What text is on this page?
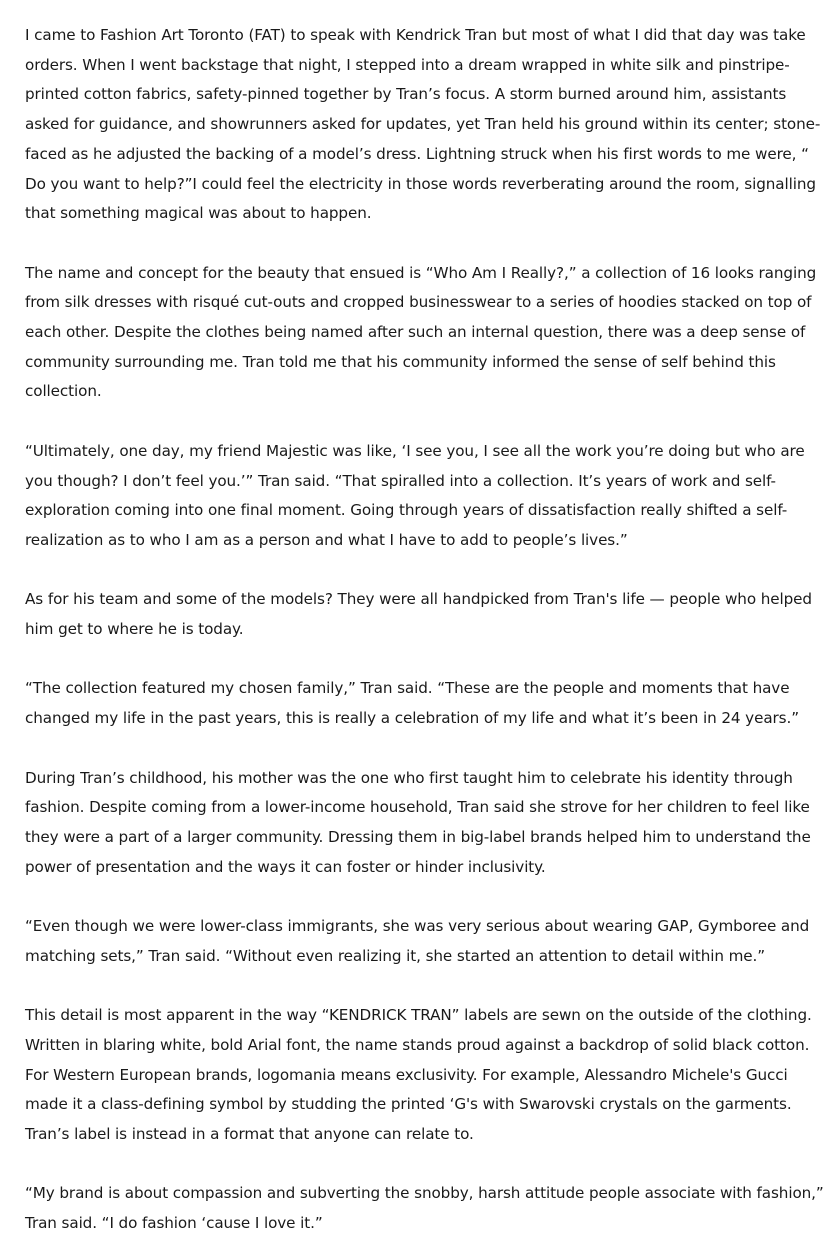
I came to Fashion Art Toronto (FAT) to speak with Kendrick Tran but most of what I did that day was take orders. When I went backstage that night, I stepped into a dream wrapped in white silk and pinstripe-printed cotton fabrics, safety-pinned together by Tran’s focus. A storm burned around him, assistants asked for guidance, and showrunners asked for updates, yet Tran held his ground within its center; stone-faced as he adjusted the backing of a model’s dress. Lightning struck when his first words to me were, “ Do you want to help?”I could feel the electricity in those words reverberating around the room, signalling that something magical was about to happen.

The name and concept for the beauty that ensued is “Who Am I Really?,” a collection of 16 looks ranging from silk dresses with risqué cut-outs and cropped businesswear to a series of hoodies stacked on top of each other. Despite the clothes being named after such an internal question, there was a deep sense of community surrounding me. Tran told me that his community informed the sense of self behind this collection.

“Ultimately, one day, my friend Majestic was like, ‘I see you, I see all the work you’re doing but who are you though? I don’t feel you.’” Tran said. “That spiralled into a collection. It’s years of work and self-exploration coming into one final moment. Going through years of dissatisfaction really shifted a self-realization as to who I am as a person and what I have to add to people’s lives.”

As for his team and some of the models? They were all handpicked from Tran's life — people who helped him get to where he is today.

“The collection featured my chosen family,” Tran said. “These are the people and moments that have changed my life in the past years, this is really a celebration of my life and what it’s been in 24 years.”

During Tran’s childhood, his mother was the one who first taught him to celebrate his identity through fashion. Despite coming from a lower-income household, Tran said she strove for her children to feel like they were a part of a larger community. Dressing them in big-label brands helped him to understand the power of presentation and the ways it can foster or hinder inclusivity.

“Even though we were lower-class immigrants, she was very serious about wearing GAP, Gymboree and matching sets,” Tran said. “Without even realizing it, she started an attention to detail within me.”

This detail is most apparent in the way “KENDRICK TRAN” labels are sewn on the outside of the clothing. Written in blaring white, bold Arial font, the name stands proud against a backdrop of solid black cotton. For Western European brands, logomania means exclusivity. For example, Alessandro Michele's Gucci made it a class-defining symbol by studding the printed ‘G's with Swarovski crystals on the garments. Tran’s label is instead in a format that anyone can relate to.

“My brand is about compassion and subverting the snobby, harsh attitude people associate with fashion,” Tran said. “I do fashion ‘cause I love it.”
